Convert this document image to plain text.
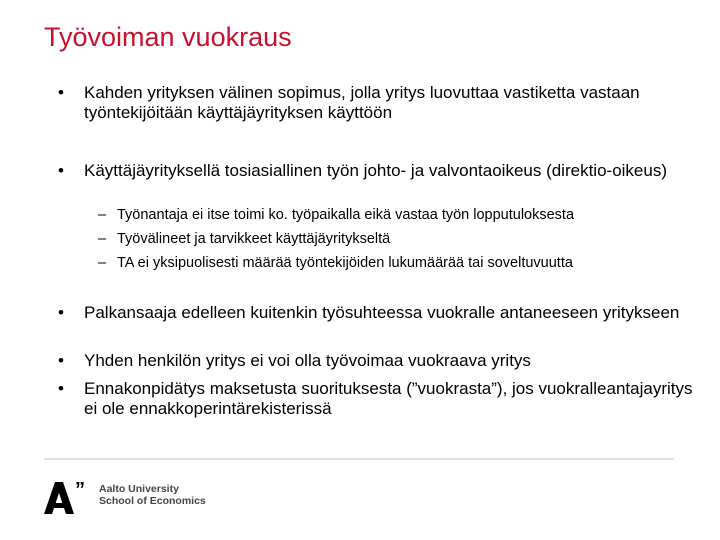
Työvoiman vuokraus
• Kahden yrityksen välinen sopimus, jolla yritys luovuttaa vastiketta vastaan työntekijöitään käyttäjäyrityksen käyttöön
• Käyttäjäyrityksellä tosiasiallinen työn johto- ja valvontaoikeus (direktio-oikeus)
– Työnantaja ei itse toimi ko. työpaikalla eikä vastaa työn lopputuloksesta
– Työvälineet ja tarvikkeet käyttäjäyritykseltä
– TA ei yksipuolisesti määrää työntekijöiden lukumäärää tai soveltuvuutta
• Palkansaaja edelleen kuitenkin työsuhteessa vuokralle antaneeseen yritykseen
• Yhden henkilön yritys ei voi olla työvoimaa vuokraava yritys
• Ennakonpidätys maksetusta suorituksesta (”vuokrasta”), jos vuokralleantajayritys ei ole ennakkoperintärekisterissä
” Aalto University
School of Economics
